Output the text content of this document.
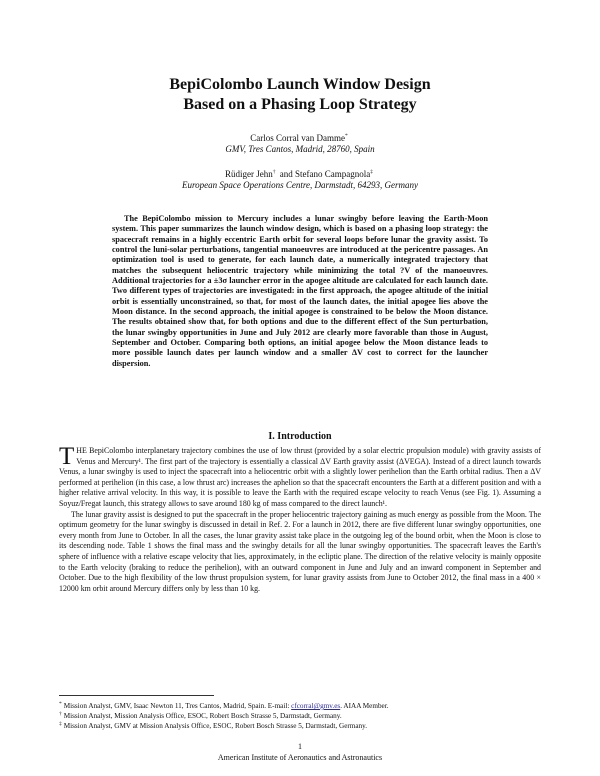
BepiColombo Launch Window Design
Based on a Phasing Loop Strategy
Carlos Corral van Damme*
GMV, Tres Cantos, Madrid, 28760, Spain
Rüdiger Jehn† and Stefano Campagnola‡
European Space Operations Centre, Darmstadt, 64293, Germany
The BepiColombo mission to Mercury includes a lunar swingby before leaving the Earth-Moon system. This paper summarizes the launch window design, which is based on a phasing loop strategy: the spacecraft remains in a highly eccentric Earth orbit for several loops before lunar the gravity assist. To control the luni-solar perturbations, tangential manoeuvres are introduced at the pericentre passages. An optimization tool is used to generate, for each launch date, a numerically integrated trajectory that matches the subsequent heliocentric trajectory while minimizing the total ?V of the manoeuvres. Additional trajectories for a ±3σ launcher error in the apogee altitude are calculated for each launch date. Two different types of trajectories are investigated: in the first approach, the apogee altitude of the initial orbit is essentially unconstrained, so that, for most of the launch dates, the initial apogee lies above the Moon distance. In the second approach, the initial apogee is constrained to be below the Moon distance. The results obtained show that, for both options and due to the different effect of the Sun perturbation, the lunar swingby opportunities in June and July 2012 are clearly more favorable than those in August, September and October. Comparing both options, an initial apogee below the Moon distance leads to more possible launch dates per launch window and a smaller ΔV cost to correct for the launcher dispersion.
I. Introduction

THE BepiColombo interplanetary trajectory combines the use of low thrust (provided by a solar electric propulsion module) with gravity assists of Venus and Mercury¹. The first part of the trajectory is essentially a classical ΔV Earth gravity assist (ΔVEGA). Instead of a direct launch towards Venus, a lunar swingby is used to inject the spacecraft into a heliocentric orbit with a slightly lower perihelion than the Earth orbital radius. Then a ΔV performed at perihelion (in this case, a low thrust arc) increases the aphelion so that the spacecraft encounters the Earth at a different position and with a higher relative arrival velocity. In this way, it is possible to leave the Earth with the required escape velocity to reach Venus (see Fig. 1). Assuming a Soyuz/Fregat launch, this strategy allows to save around 180 kg of mass compared to the direct launch¹.

The lunar gravity assist is designed to put the spacecraft in the proper heliocentric trajectory gaining as much energy as possible from the Moon. The optimum geometry for the lunar swingby is discussed in detail in Ref. 2. For a launch in 2012, there are five different lunar swingby opportunities, one every month from June to October. In all the cases, the lunar gravity assist take place in the outgoing leg of the bound orbit, when the Moon is close to its descending node. Table 1 shows the final mass and the swingby details for all the lunar swingby opportunities. The spacecraft leaves the Earth's sphere of influence with a relative escape velocity that lies, approximately, in the ecliptic plane. The direction of the relative velocity is mainly opposite to the Earth velocity (braking to reduce the perihelion), with an outward component in June and July and an inward component in September and October. Due to the high flexibility of the low thrust propulsion system, for lunar gravity assists from June to October 2012, the final mass in a 400 × 12000 km orbit around Mercury differs only by less than 10 kg.

* Mission Analyst, GMV, Isaac Newton 11, Tres Cantos, Madrid, Spain. E-mail: cfcorral@gmv.es. AIAA Member.
† Mission Analyst, Mission Analysis Office, ESOC, Robert Bosch Strasse 5, Darmstadt, Germany.
‡ Mission Analyst, GMV at Mission Analysis Office, ESOC, Robert Bosch Strasse 5, Darmstadt, Germany.
1
American Institute of Aeronautics and Astronautics
